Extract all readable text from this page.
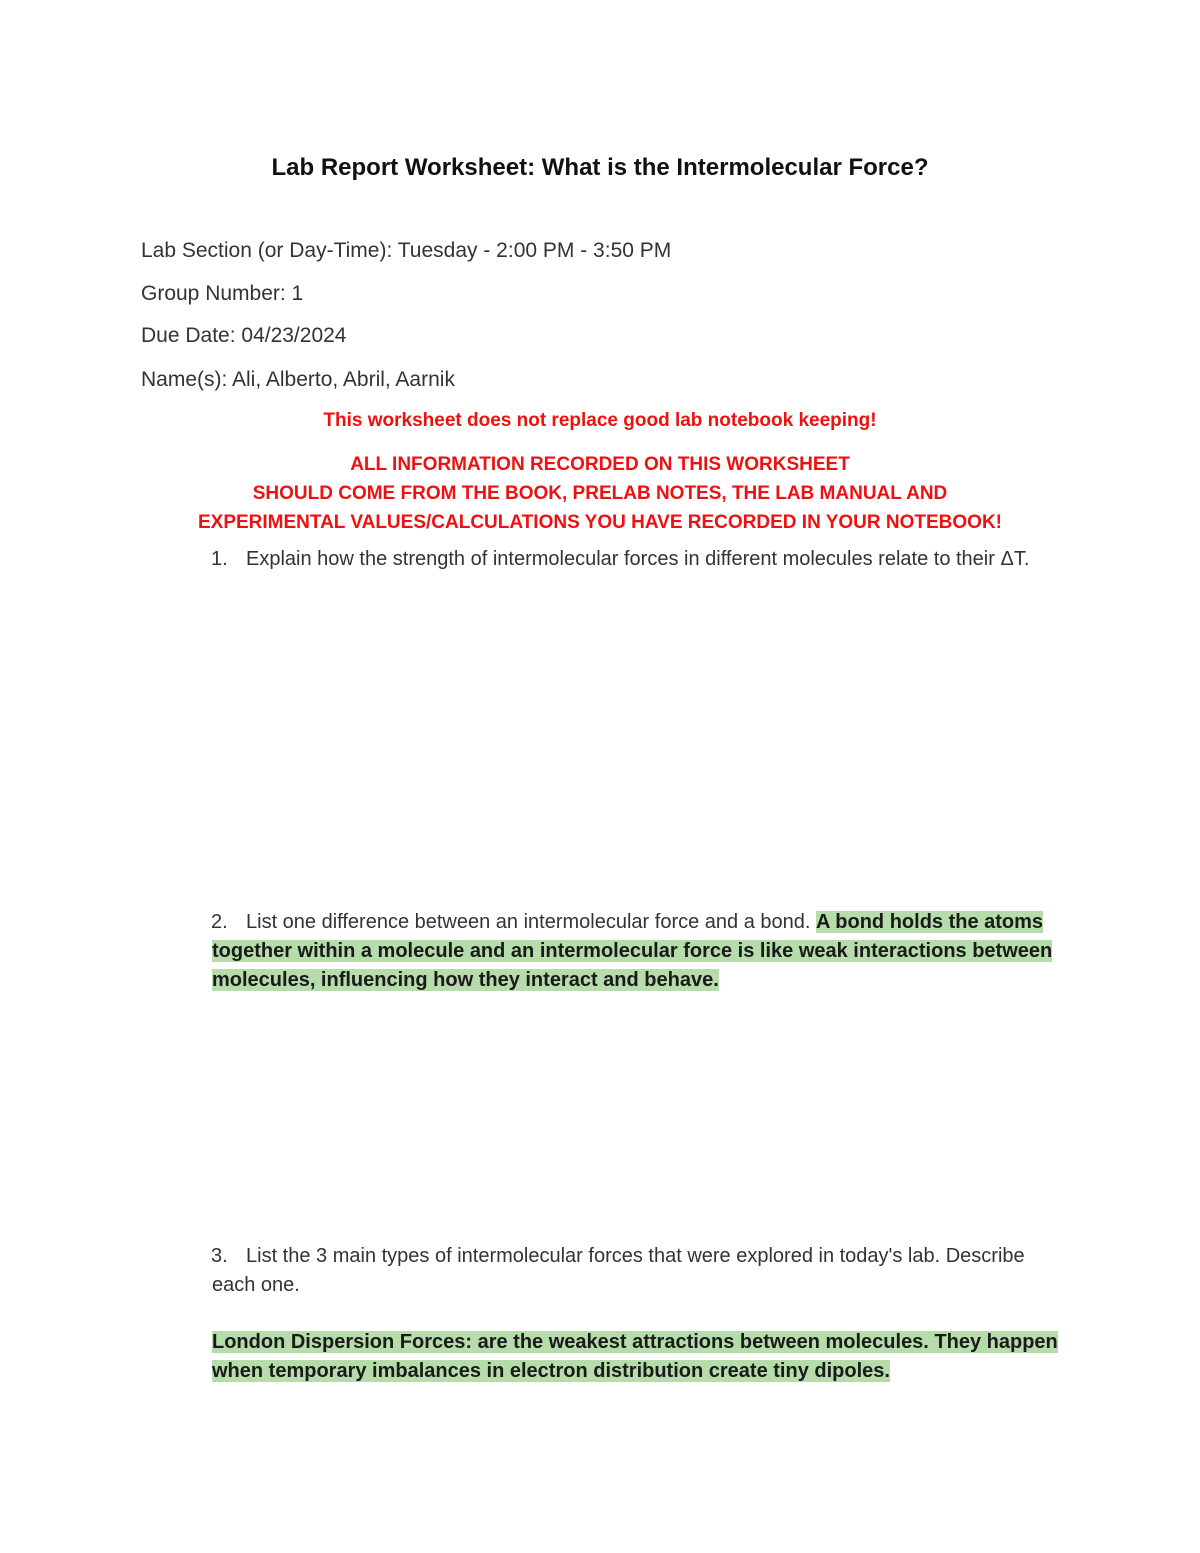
Lab Report Worksheet: What is the Intermolecular Force?
Lab Section (or Day-Time): Tuesday - 2:00 PM - 3:50 PM
Group Number: 1
Due Date: 04/23/2024
Name(s): Ali, Alberto, Abril, Aarnik
This worksheet does not replace good lab notebook keeping!
ALL INFORMATION RECORDED ON THIS WORKSHEET
SHOULD COME FROM THE BOOK, PRELAB NOTES, THE LAB MANUAL AND
EXPERIMENTAL VALUES/CALCULATIONS YOU HAVE RECORDED IN YOUR NOTEBOOK!
1. Explain how the strength of intermolecular forces in different molecules relate to their ΔT.
2. List one difference between an intermolecular force and a bond. A bond holds the atoms together within a molecule and an intermolecular force is like weak interactions between molecules, influencing how they interact and behave.
3. List the 3 main types of intermolecular forces that were explored in today's lab. Describe each one.
London Dispersion Forces: are the weakest attractions between molecules. They happen when temporary imbalances in electron distribution create tiny dipoles.
